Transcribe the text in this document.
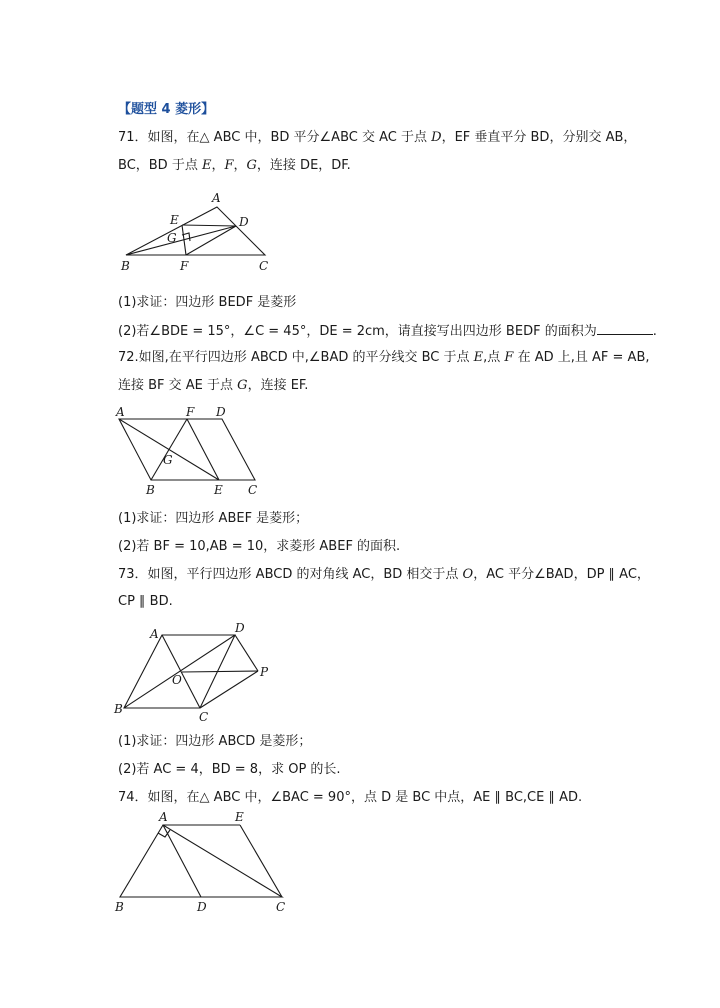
【题型 4 菱形】
71．如图，在△ ABC 中，BD 平分∠ABC 交 AC 于点 D，EF 垂直平分 BD，分别交 AB，
BC，BD 于点 E，F，G，连接 DE，DF.
A
B	C
D
E
F
G
(1)求证：四边形 BEDF 是菱形
(2)若∠BDE = 15°，∠C = 45°，DE = 2cm，请直接写出四边形 BEDF 的面积为	.
72.如图,在平行四边形 ABCD 中,∠BAD 的平分线交 BC 于点 E,点 F 在 AD 上,且 AF = AB,
连接 BF 交 AE 于点 G，连接 EF.
A	F D
B	E C
G
(1)求证：四边形 ABEF 是菱形；
(2)若 BF = 10,AB = 10，求菱形 ABEF 的面积.
73．如图，平行四边形 ABCD 的对角线 AC，BD 相交于点 O，AC 平分∠BAD，DP ∥ AC，
CP ∥ BD.
A	D
B
C
O
P
(1)求证：四边形 ABCD 是菱形；
(2)若 AC = 4，BD = 8，求 OP 的长.
74．如图，在△ ABC 中，∠BAC = 90°，点 D 是 BC 中点，AE ∥ BC,CE ∥ AD.
A	E
B	D	C
